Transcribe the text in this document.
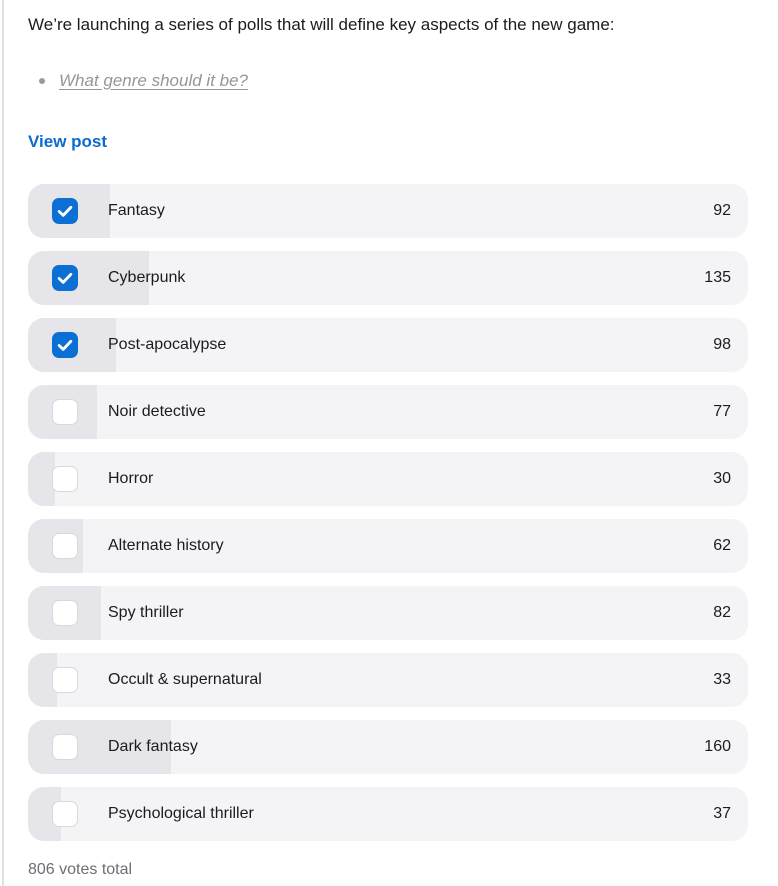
We’re launching a series of polls that will define key aspects of the new game:
What genre should it be?
View post
Fantasy	92
Cyberpunk	135
Post-apocalypse	98
Noir detective	77
Horror	30
Alternate history	62
Spy thriller	82
Occult & supernatural	33
Dark fantasy	160
Psychological thriller	37
806 votes total
